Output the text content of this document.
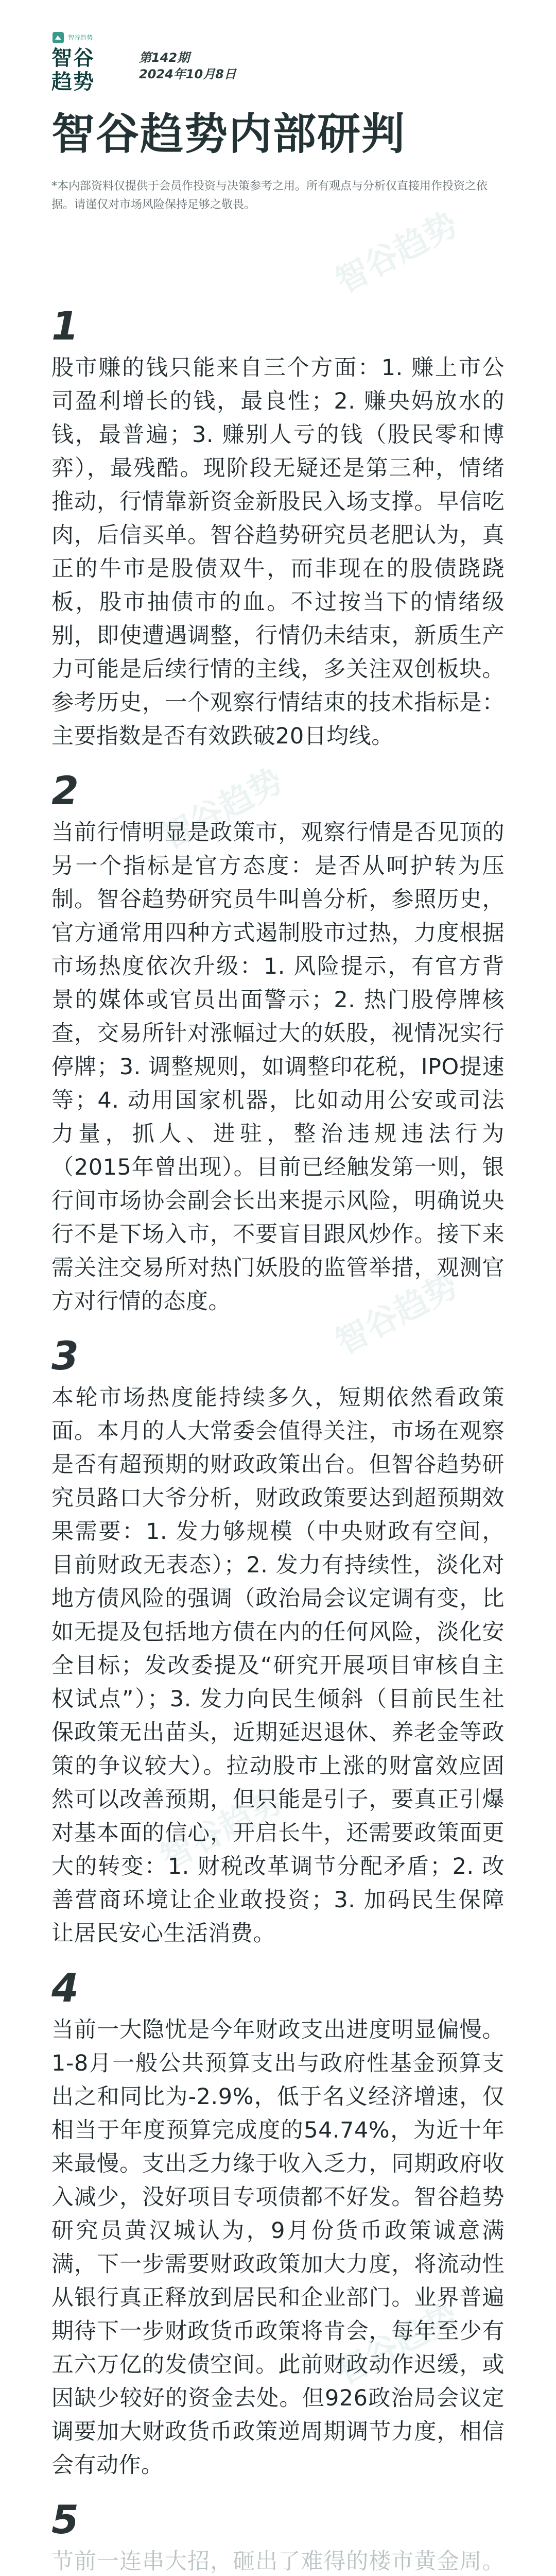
智谷趋势
智谷趋势
智谷趋势
智谷趋势
智谷趋势
智谷趋势
智谷
趋势
第142期
2024年10月8日
智谷趋势内部研判
*本内部资料仅提供于会员作投资与决策参考之用。所有观点与分析仅直接用作投资之依据。请谨仅对市场风险保持足够之敬畏。
1

股市赚的钱只能来自三个方面：1. 赚上市公司盈利增长的钱，最良性；2. 赚央妈放水的钱，最普遍；3. 赚别人亏的钱（股民零和博弈），最残酷。现阶段无疑还是第三种，情绪推动，行情靠新资金新股民入场支撑。早信吃肉，后信买单。智谷趋势研究员老肥认为，真正的牛市是股债双牛，而非现在的股债跷跷板，股市抽债市的血。不过按当下的情绪级别，即使遭遇调整，行情仍未结束，新质生产力可能是后续行情的主线，多关注双创板块。参考历史，一个观察行情结束的技术指标是：主要指数是否有效跌破20日均线。

2

当前行情明显是政策市，观察行情是否见顶的另一个指标是官方态度：是否从呵护转为压制。智谷趋势研究员牛叫兽分析，参照历史，官方通常用四种方式遏制股市过热，力度根据市场热度依次升级：1. 风险提示，有官方背景的媒体或官员出面警示；2. 热门股停牌核查，交易所针对涨幅过大的妖股，视情况实行停牌；3. 调整规则，如调整印花税，IPO提速等；4. 动用国家机器，比如动用公安或司法力量，抓人、进驻，整治违规违法行为（2015年曾出现）。目前已经触发第一则，银行间市场协会副会长出来提示风险，明确说央行不是下场入市，不要盲目跟风炒作。接下来需关注交易所对热门妖股的监管举措，观测官方对行情的态度。

3

本轮市场热度能持续多久，短期依然看政策面。本月的人大常委会值得关注，市场在观察是否有超预期的财政政策出台。但智谷趋势研究员路口大爷分析，财政政策要达到超预期效果需要：1. 发力够规模（中央财政有空间，目前财政无表态）；2. 发力有持续性，淡化对地方债风险的强调（政治局会议定调有变，比如无提及包括地方债在内的任何风险，淡化安全目标；发改委提及“研究开展项目审核自主权试点”）；3. 发力向民生倾斜（目前民生社保政策无出苗头，近期延迟退休、养老金等政策的争议较大）。拉动股市上涨的财富效应固然可以改善预期，但只能是引子，要真正引爆对基本面的信心，开启长牛，还需要政策面更大的转变：1. 财税改革调节分配矛盾；2. 改善营商环境让企业敢投资；3. 加码民生保障让居民安心生活消费。

4

当前一大隐忧是今年财政支出进度明显偏慢。1-8月一般公共预算支出与政府性基金预算支出之和同比为-2.9%，低于名义经济增速，仅相当于年度预算完成度的54.74%，为近十年来最慢。支出乏力缘于收入乏力，同期政府收入减少，没好项目专项债都不好发。智谷趋势研究员黄汉城认为，9月份货币政策诚意满满，下一步需要财政政策加大力度，将流动性从银行真正释放到居民和企业部门。业界普遍期待下一步财政货币政策将肯会，每年至少有五六万亿的发债空间。此前财政动作迟缓，或因缺少较好的资金去处。但926政治局会议定调要加大财政货币政策逆周期调节力度，相信会有动作。

5

节前一连串大招，砸出了难得的楼市黄金周。
